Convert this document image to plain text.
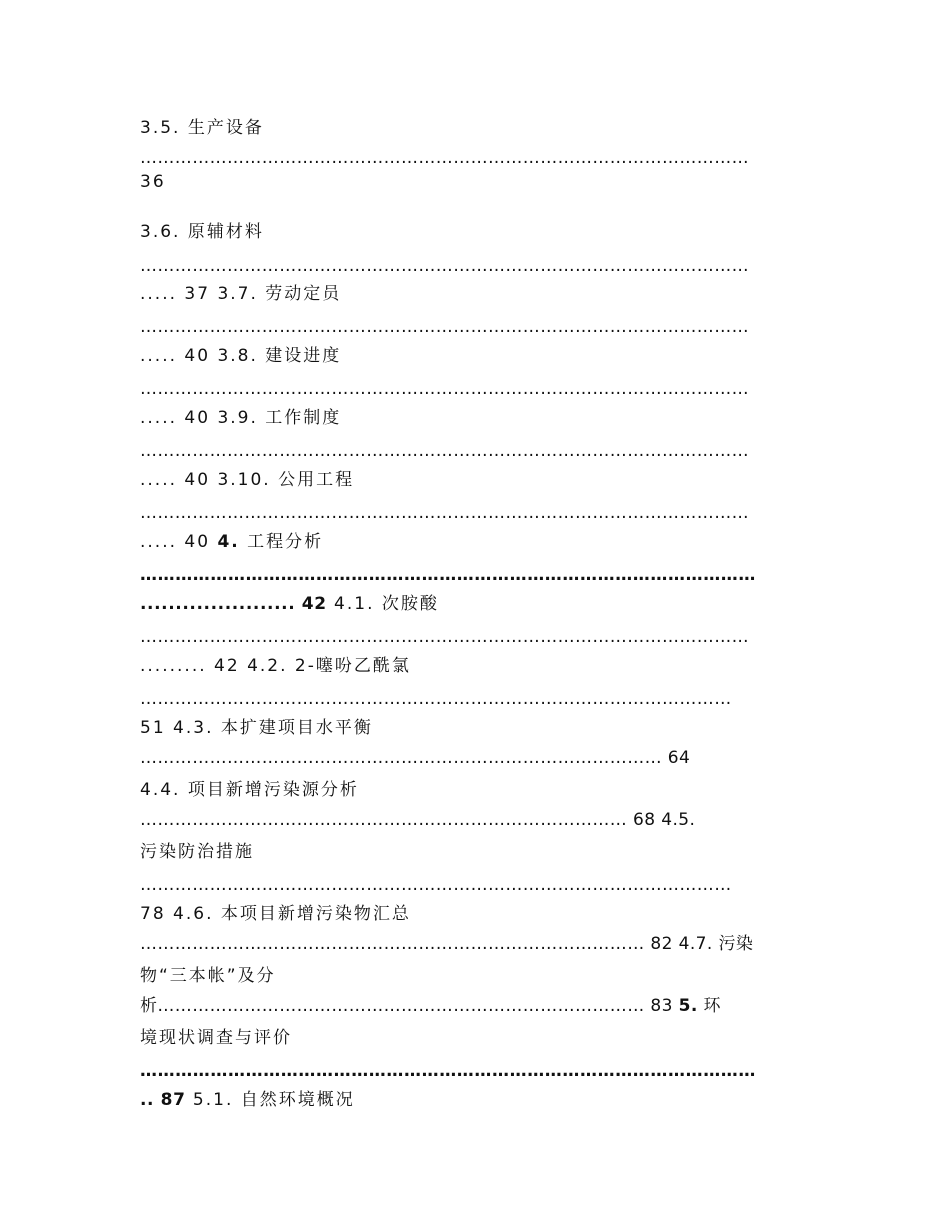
3.5. 生产设备
……………………………………………………………………………………………
36
3.6. 原辅材料
……………………………………………………………………………………………
..... 37 3.7. 劳动定员
……………………………………………………………………………………………
..... 40 3.8. 建设进度
……………………………………………………………………………………………
..... 40 3.9. 工作制度
……………………………………………………………………………………………
..... 40 3.10. 公用工程
……………………………………………………………………………………………
..... 40 4. 工程分析
……………………………………………………………………………………………
...................... 42 4.1. 次胺酸
……………………………………………………………………………………………
......... 42 4.2. 2-噻吩乙酰氯
…………………………………………………………………………………………
51 4.3. 本扩建项目水平衡
……………………………………………………………………………… 64
4.4. 项目新增污染源分析
………………………………………………………………………… 68 4.5.
污染防治措施
…………………………………………………………………………………………
78 4.6. 本项目新增污染物汇总
…………………………………………………………………………… 82 4.7. 污染
物“三本帐”及分
析………………………………………………………………………… 83 5. 环
境现状调查与评价
……………………………………………………………………………………………
.. 87 5.1. 自然环境概况
